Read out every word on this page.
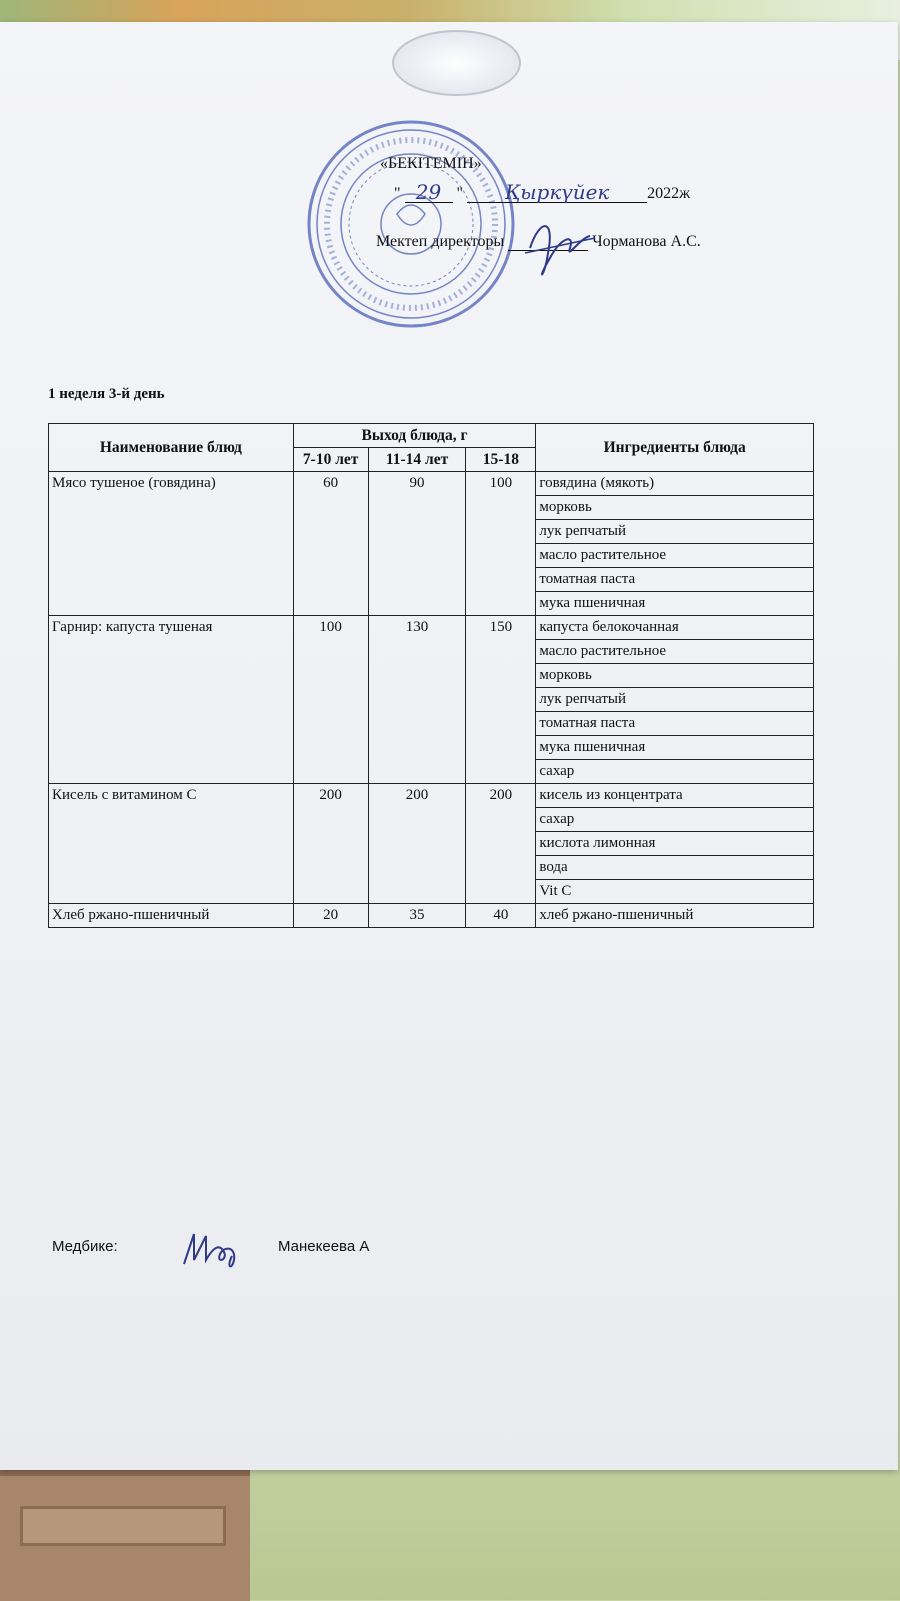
«БЕКІТЕМІН»
" 29 "	Қыркүйек	2022ж
Мектеп директоры	Чорманова А.С.
1 неделя 3-й день
Наименование блюд	Выход блюда, г			Ингредиенты блюда
	7-10 лет	11-14 лет	15-18	
Мясо тушеное (говядина)	60	90	100	говядина (мякоть)
				морковь
				лук репчатый
				масло растительное
				томатная паста
				мука пшеничная
Гарнир: капуста тушеная	100	130	150	капуста белокочанная
				масло растительное
				морковь
				лук репчатый
				томатная паста
				мука пшеничная
				сахар
Кисель с витамином С	200	200	200	кисель из концентрата
				сахар
				кислота лимонная
				вода
				Vit C
Хлеб ржано-пшеничный	20	35	40	хлеб ржано-пшеничный
Медбике:	Манекеева А
